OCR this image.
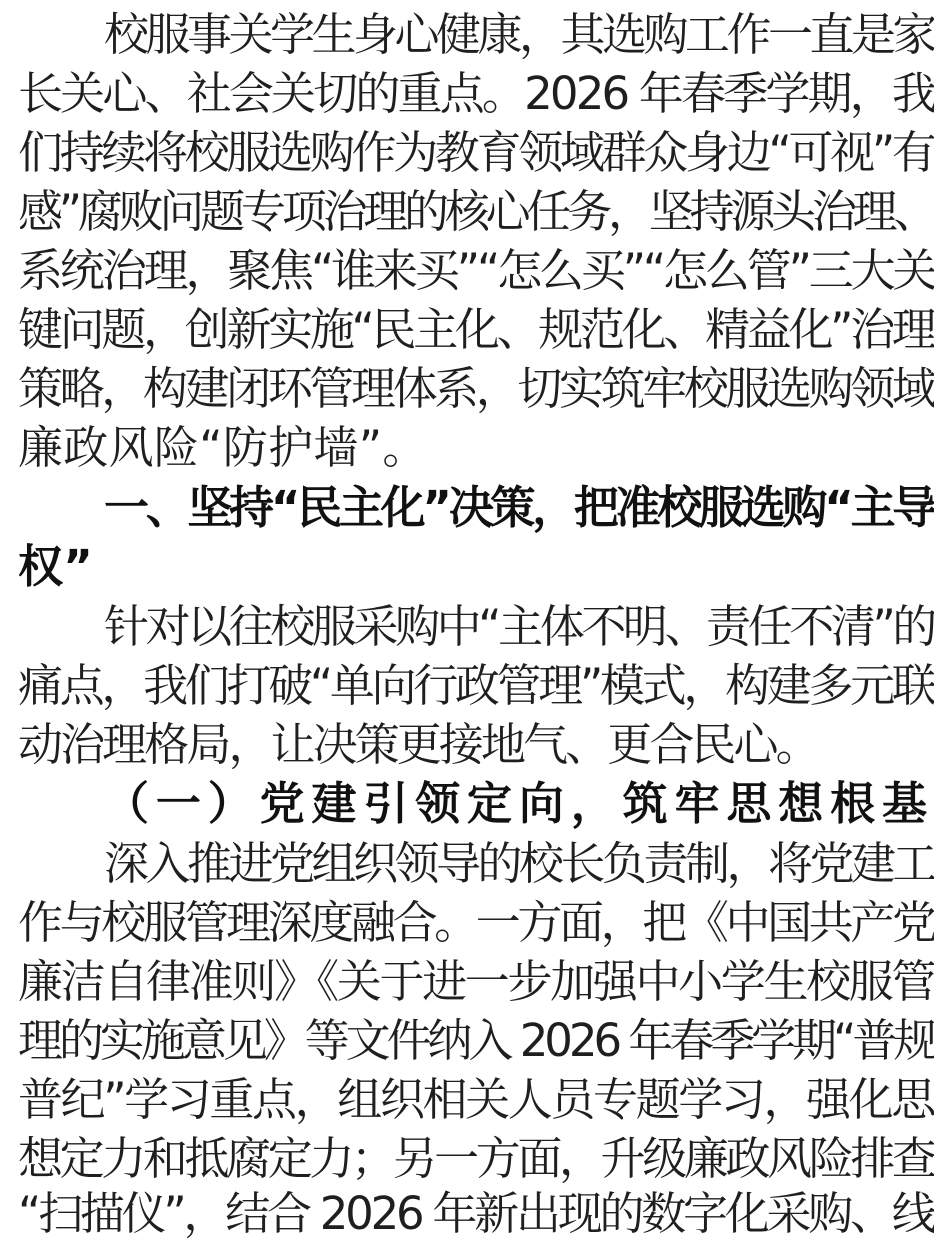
校服事关学生身心健康，其选购工作一直是家
长关心、社会关切的重点。2026 年春季学期，我
们持续将校服选购作为教育领域群众身边“可视”有
感”腐败问题专项治理的核心任务，坚持源头治理、
系统治理，聚焦“谁来买”“怎么买”“怎么管”三大关
键问题，创新实施“民主化、规范化、精益化”治理
策略，构建闭环管理体系，切实筑牢校服选购领域
廉政风险“防护墙”。
一、坚持“民主化”决策，把准校服选购“主导
权”
针对以往校服采购中“主体不明、责任不清”的
痛点，我们打破“单向行政管理”模式，构建多元联
动治理格局，让决策更接地气、更合民心。
（一）党建引领定向，筑牢思想根基
深入推进党组织领导的校长负责制，将党建工
作与校服管理深度融合。一方面，把《中国共产党
廉洁自律准则》《关于进一步加强中小学生校服管
理的实施意见》等文件纳入 2026 年春季学期“普规
普纪”学习重点，组织相关人员专题学习，强化思
想定力和抵腐定力；另一方面，升级廉政风险排查
“扫描仪”，结合 2026 年新出现的数字化采购、线
